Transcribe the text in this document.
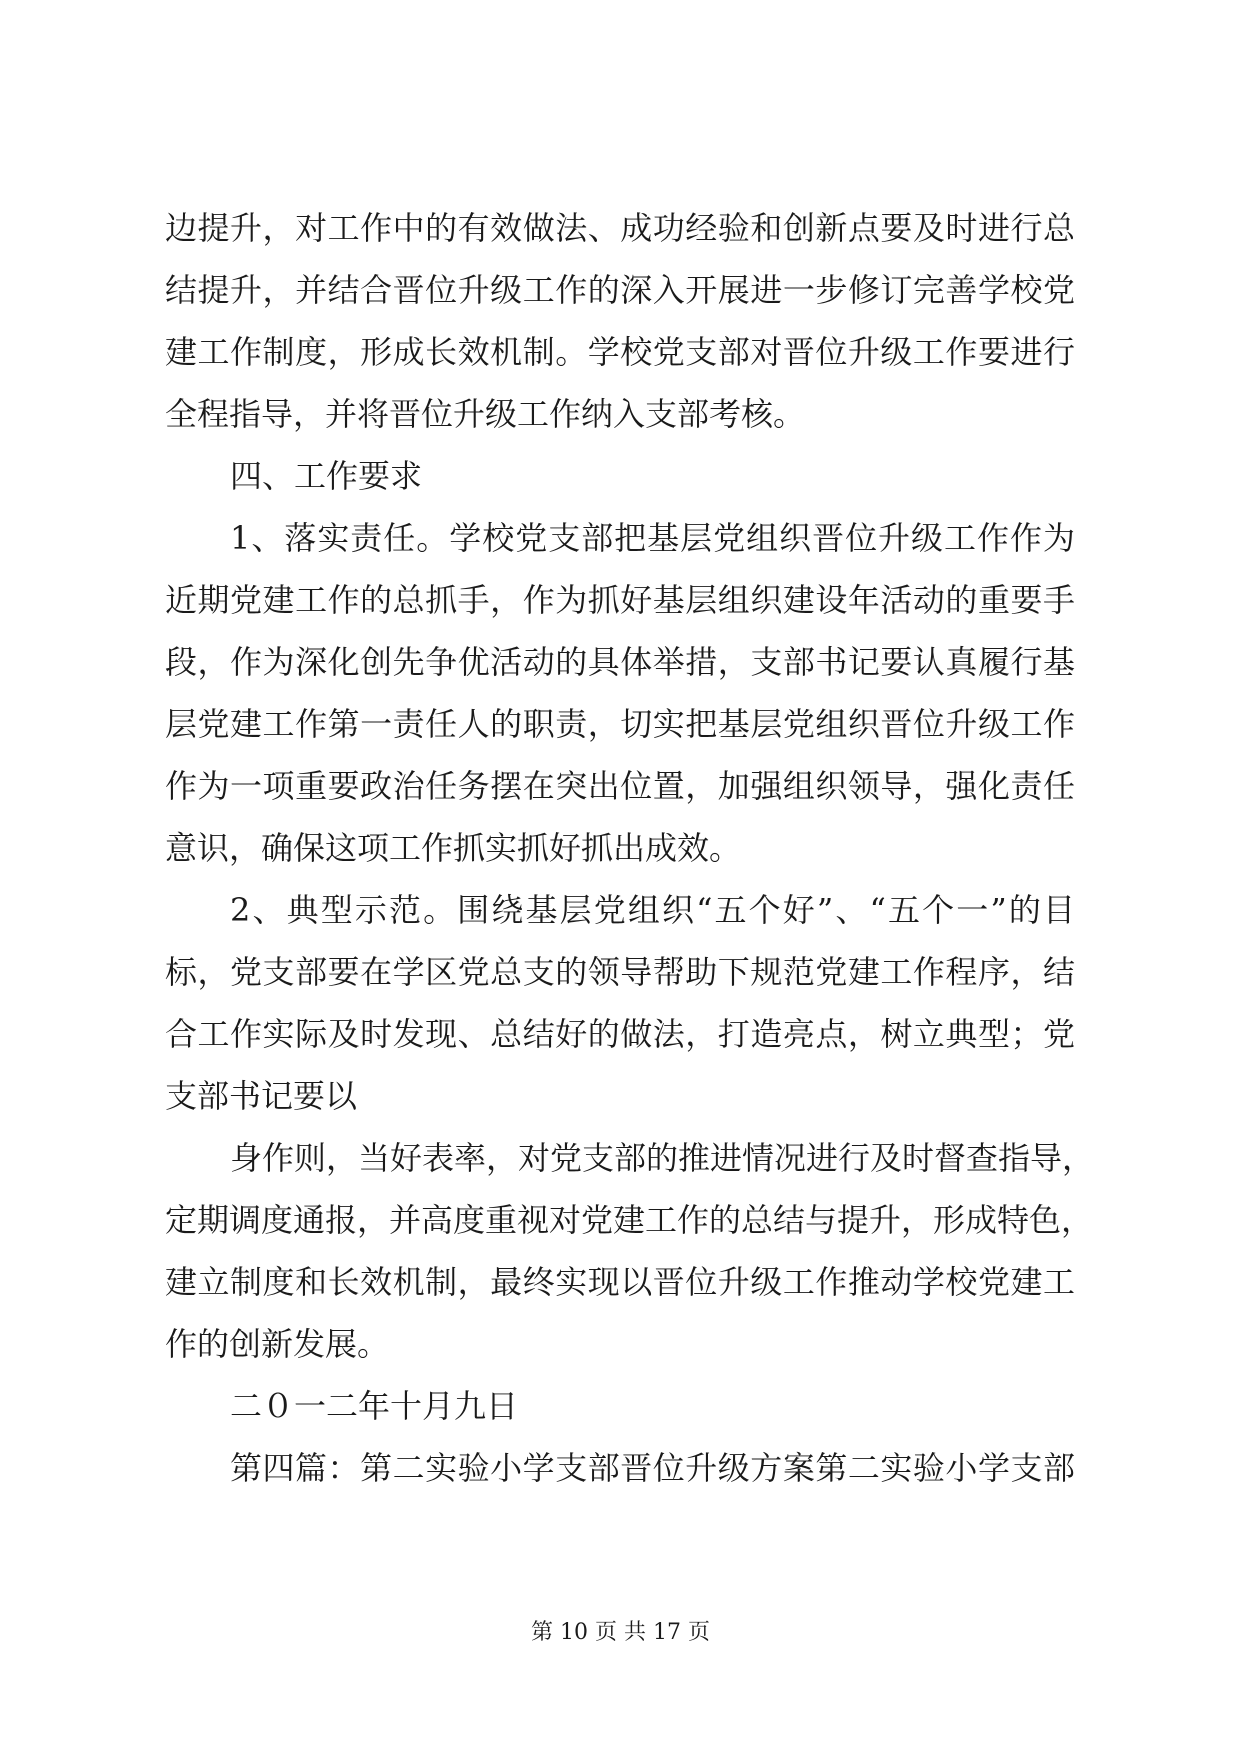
边提升，对工作中的有效做法、成功经验和创新点要及时进行总
结提升，并结合晋位升级工作的深入开展进一步修订完善学校党
建工作制度，形成长效机制。学校党支部对晋位升级工作要进行
全程指导，并将晋位升级工作纳入支部考核。
四、工作要求
1、落实责任。学校党支部把基层党组织晋位升级工作作为
近期党建工作的总抓手，作为抓好基层组织建设年活动的重要手
段，作为深化创先争优活动的具体举措，支部书记要认真履行基
层党建工作第一责任人的职责，切实把基层党组织晋位升级工作
作为一项重要政治任务摆在突出位置，加强组织领导，强化责任
意识，确保这项工作抓实抓好抓出成效。
2、典型示范。围绕基层党组织“五个好”、“五个一”的目
标，党支部要在学区党总支的领导帮助下规范党建工作程序，结
合工作实际及时发现、总结好的做法，打造亮点，树立典型；党
支部书记要以
身作则，当好表率，对党支部的推进情况进行及时督查指导，
定期调度通报，并高度重视对党建工作的总结与提升，形成特色，
建立制度和长效机制，最终实现以晋位升级工作推动学校党建工
作的创新发展。
二０一二年十月九日
第四篇：第二实验小学支部晋位升级方案第二实验小学支部
第 10 页 共 17 页
